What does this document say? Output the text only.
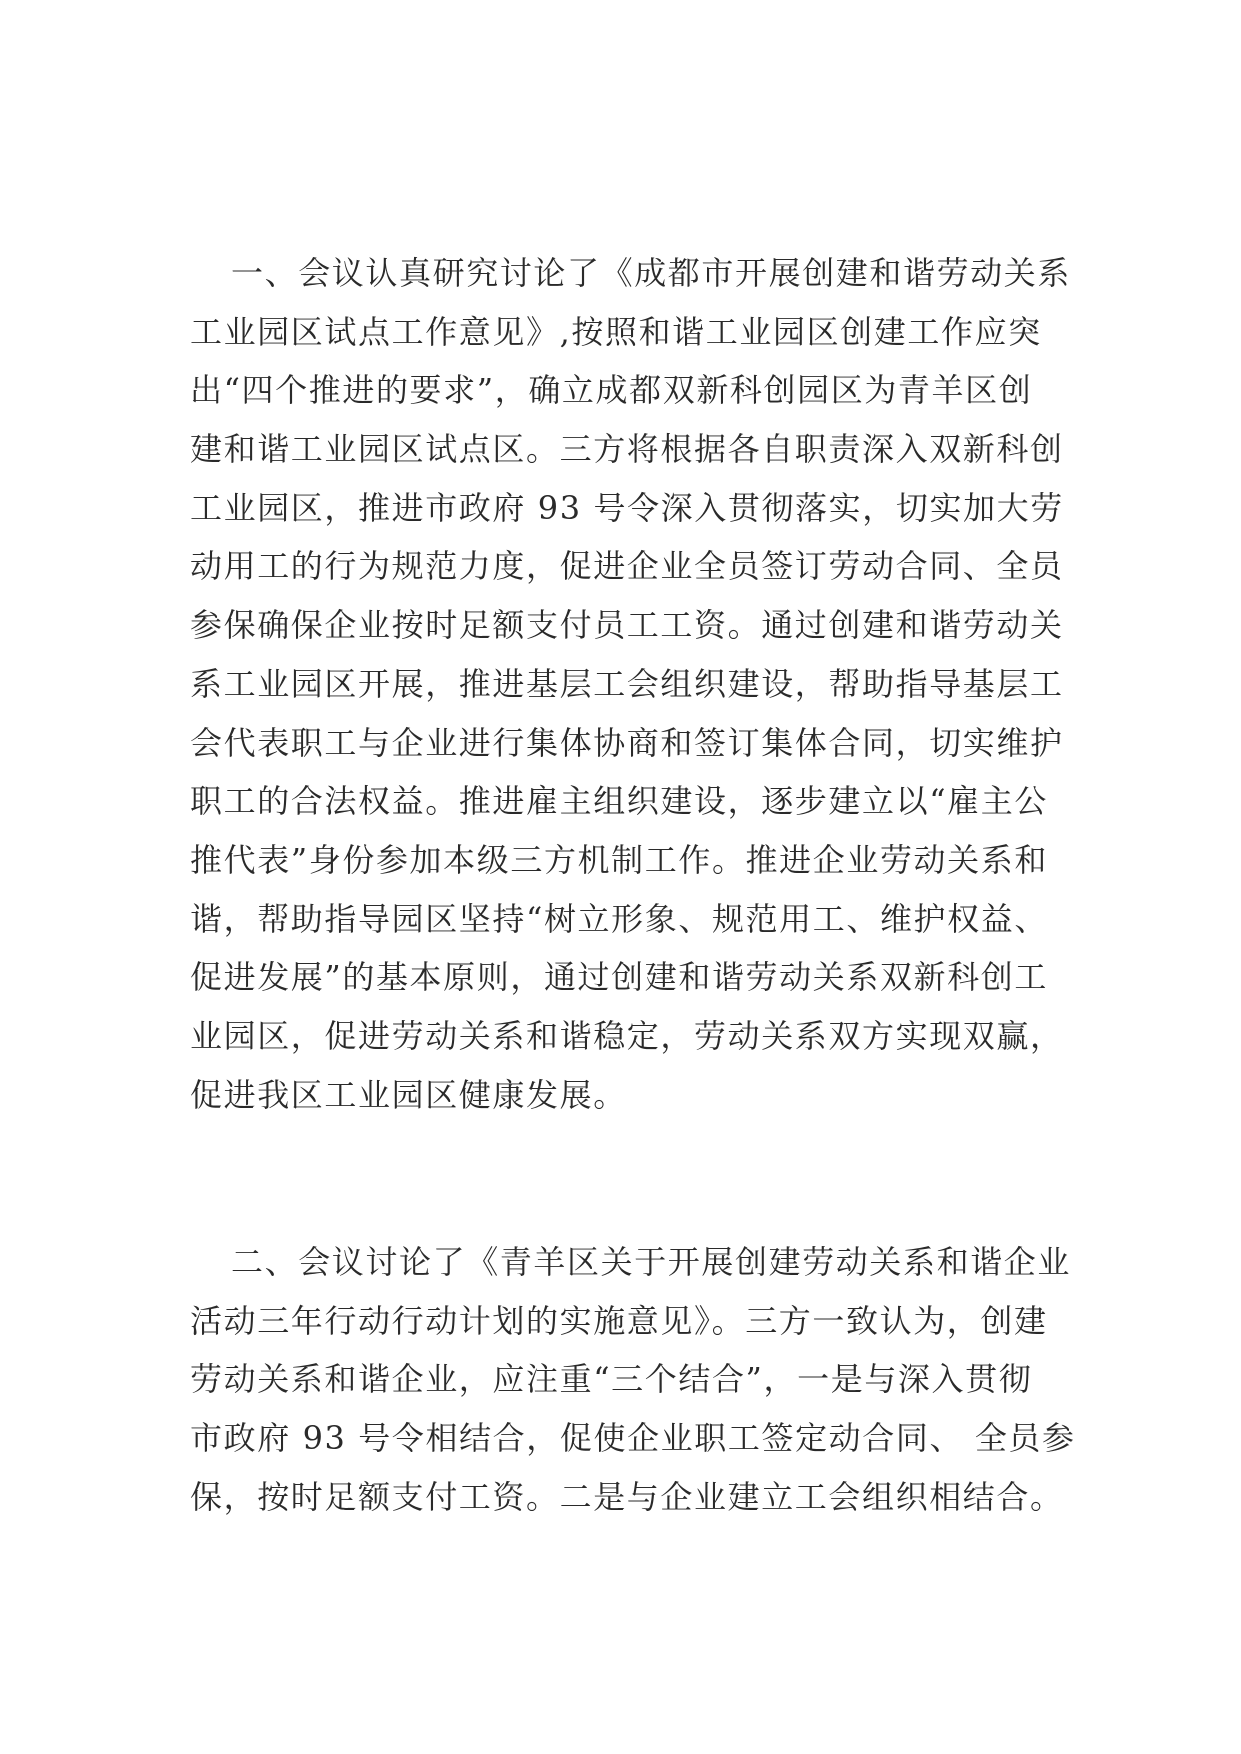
一、会议认真研究讨论了《成都市开展创建和谐劳动关系
工业园区试点工作意见》,按照和谐工业园区创建工作应突
出“四个推进的要求”，确立成都双新科创园区为青羊区创
建和谐工业园区试点区。三方将根据各自职责深入双新科创
工业园区，推进市政府 93 号令深入贯彻落实，切实加大劳
动用工的行为规范力度，促进企业全员签订劳动合同、全员
参保确保企业按时足额支付员工工资。通过创建和谐劳动关
系工业园区开展，推进基层工会组织建设，帮助指导基层工
会代表职工与企业进行集体协商和签订集体合同，切实维护
职工的合法权益。推进雇主组织建设，逐步建立以“雇主公
推代表”身份参加本级三方机制工作。推进企业劳动关系和
谐，帮助指导园区坚持“树立形象、规范用工、维护权益、
促进发展”的基本原则，通过创建和谐劳动关系双新科创工
业园区，促进劳动关系和谐稳定，劳动关系双方实现双赢，
促进我区工业园区健康发展。
二、会议讨论了《青羊区关于开展创建劳动关系和谐企业
活动三年行动行动计划的实施意见》。三方一致认为，创建
劳动关系和谐企业，应注重“三个结合”，一是与深入贯彻
市政府 93 号令相结合，促使企业职工签定动合同、 全员参
保，按时足额支付工资。二是与企业建立工会组织相结合。
